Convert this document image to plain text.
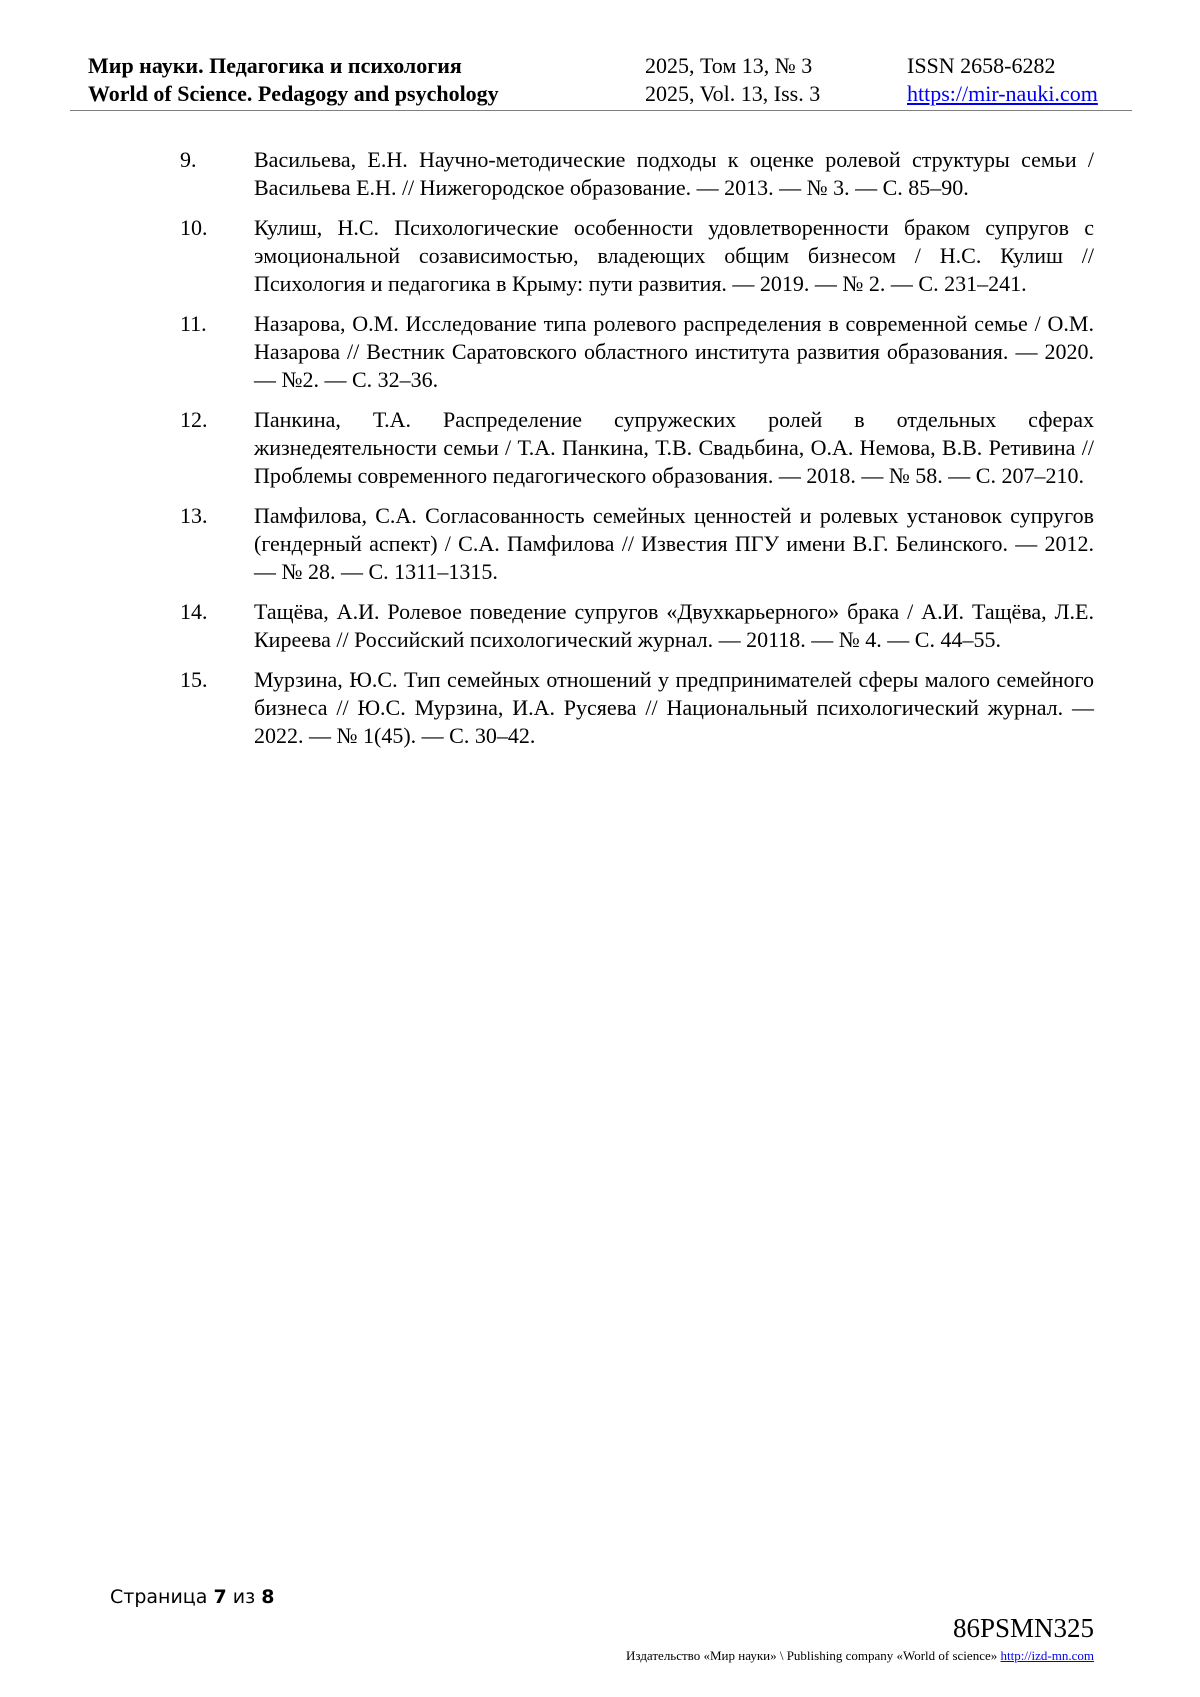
Мир науки. Педагогика и психология
World of Science. Pedagogy and psychology
2025, Том 13, № 3
2025, Vol. 13, Iss. 3
ISSN 2658-6282
https://mir-nauki.com
9.	Васильева, Е.Н. Научно-методические подходы к оценке ролевой структуры семьи / Васильева Е.Н. // Нижегородское образование. — 2013. — № 3. — С. 85–90.
10. Кулиш, Н.С. Психологические особенности удовлетворенности браком супругов с эмоциональной созависимостью, владеющих общим бизнесом / Н.С. Кулиш // Психология и педагогика в Крыму: пути развития. — 2019. — № 2. — С. 231–241.
11. Назарова, О.М. Исследование типа ролевого распределения в современной семье / О.М. Назарова // Вестник Саратовского областного института развития образования. — 2020. — №2. — С. 32–36.
12. Панкина, Т.А. Распределение супружеских ролей в отдельных сферах жизнедеятельности семьи / Т.А. Панкина, Т.В. Свадьбина, О.А. Немова, В.В. Ретивина // Проблемы современного педагогического образования. — 2018. — № 58. — С. 207–210.
13. Памфилова, С.А. Согласованность семейных ценностей и ролевых установок супругов (гендерный аспект) / С.А. Памфилова // Известия ПГУ имени В.Г. Белинского. — 2012. — № 28. — С. 1311–1315.
14. Тащёва, А.И. Ролевое поведение супругов «Двухкарьерного» брака / А.И. Тащёва, Л.Е. Киреева // Российский психологический журнал. — 20118. — № 4. — С. 44–55.
15. Мурзина, Ю.С. Тип семейных отношений у предпринимателей сферы малого семейного бизнеса // Ю.С. Мурзина, И.А. Русяева // Национальный психологический журнал. — 2022. — № 1(45). — С. 30–42.
Страница 7 из 8
86PSMN325
Издательство «Мир науки» \ Publishing company «World of science» http://izd-mn.com
